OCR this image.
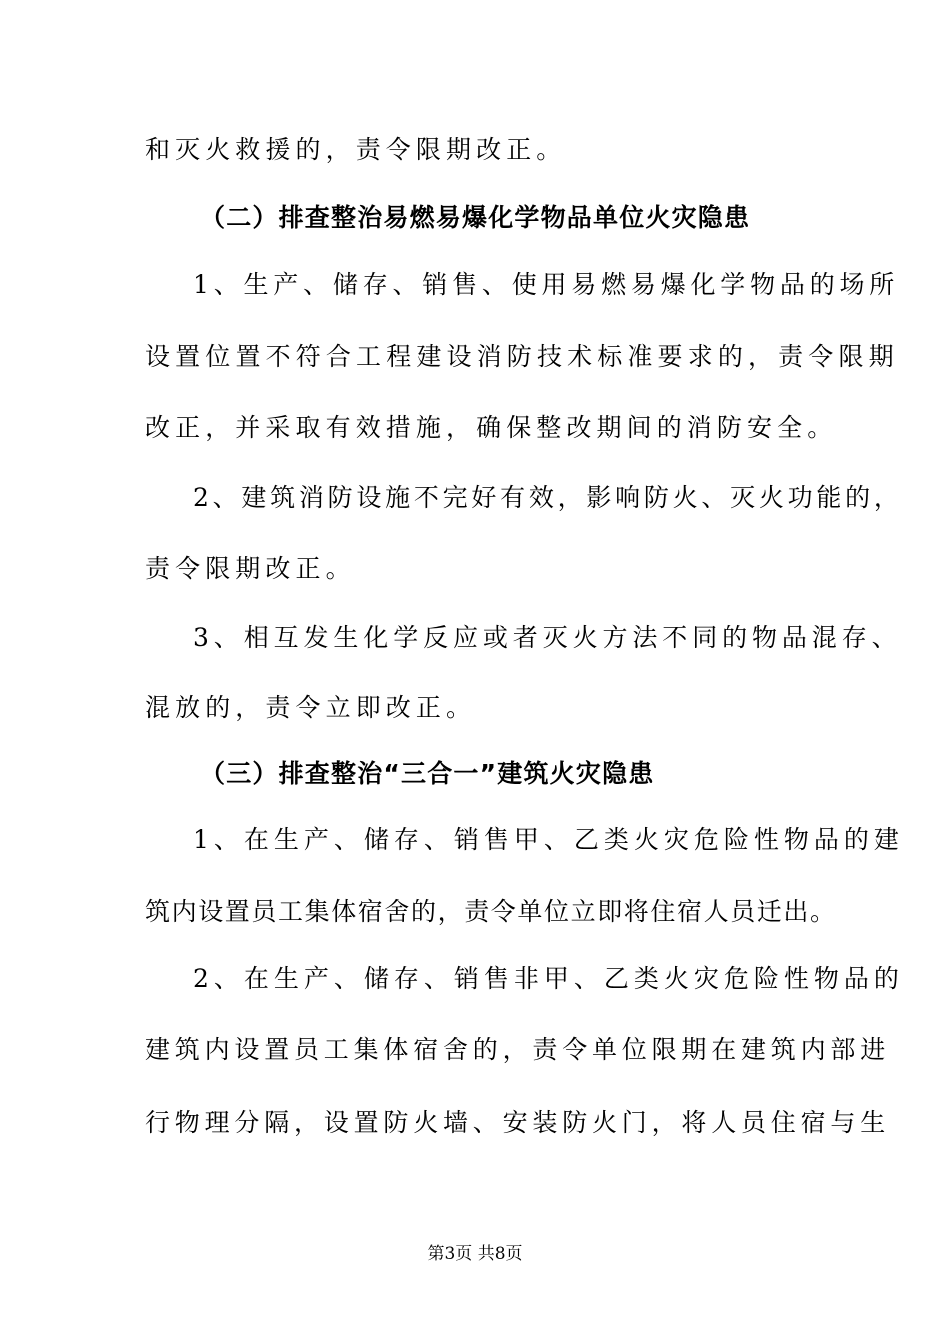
和灭火救援的，责令限期改正。
（二）排查整治易燃易爆化学物品单位火灾隐患
1、生产、储存、销售、使用易燃易爆化学物品的场所
设置位置不符合工程建设消防技术标准要求的，责令限期
改正，并采取有效措施，确保整改期间的消防安全。
2、建筑消防设施不完好有效，影响防火、灭火功能的，
责令限期改正。
3、相互发生化学反应或者灭火方法不同的物品混存、
混放的，责令立即改正。
（三）排查整治“三合一”建筑火灾隐患
1、在生产、储存、销售甲、乙类火灾危险性物品的建
筑内设置员工集体宿舍的，责令单位立即将住宿人员迁出。
2、在生产、储存、销售非甲、乙类火灾危险性物品的
建筑内设置员工集体宿舍的，责令单位限期在建筑内部进
行物理分隔，设置防火墙、安装防火门，将人员住宿与生
第3页 共8页
